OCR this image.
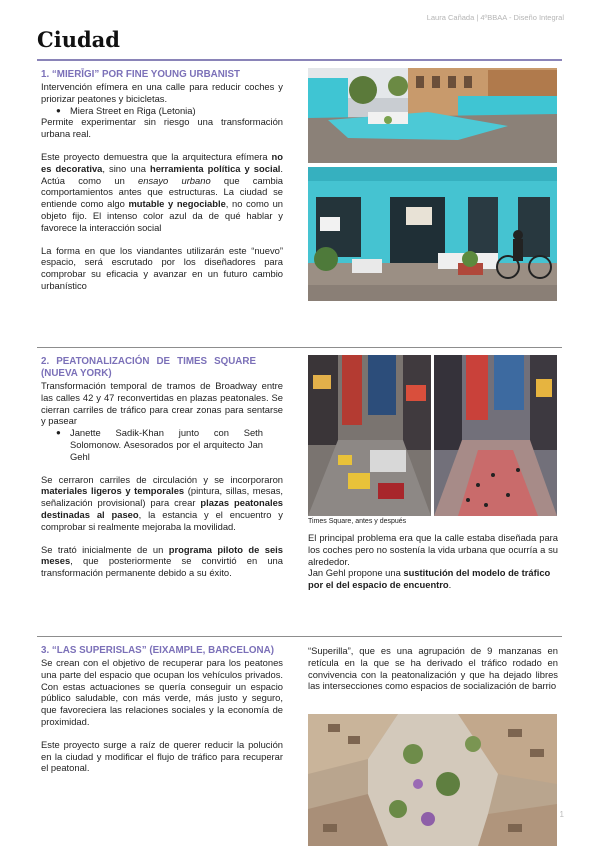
Laura Cañada | 4ºBBAA - Diseño Integral
Ciudad

1. “MIERĪGI” POR FINE YOUNG URBANIST

Intervención efímera en una calle para reducir coches y priorizar peatones y bicicletas.

● Miera Street en Riga (Letonia)

Permite experimentar sin riesgo una transformación urbana real.

Este proyecto demuestra que la arquitectura efímera no es decorativa, sino una herramienta política y social. Actúa como un ensayo urbano que cambia comportamientos antes que estructuras. La ciudad se entiende como algo mutable y negociable, no como un objeto fijo. El intenso color azul da de qué hablar y favorece la interacción social

La forma en que los viandantes utilizarán este “nuevo” espacio, será escrutado por los diseñadores para comprobar su eficacia y avanzar en un futuro cambio urbanístico

2. PEATONALIZACIÓN DE TIMES SQUARE (NUEVA YORK)

Transformación temporal de tramos de Broadway entre las calles 42 y 47 reconvertidas en plazas peatonales. Se cierran carriles de tráfico para crear zonas para sentarse y pasear

● Janette Sadik-Khan junto con Seth Solomonow. Asesorados por el arquitecto Jan Gehl

Se cerraron carriles de circulación y se incorporaron materiales ligeros y temporales (pintura, sillas, mesas, señalización provisional) para crear plazas peatonales destinadas al paseo, la estancia y el encuentro y comprobar si realmente mejoraba la movilidad.

Se trató inicialmente de un programa piloto de seis meses, que posteriormente se convirtió en una transformación permanente debido a su éxito.

Times Square, antes y después

El principal problema era que la calle estaba diseñada para los coches pero no sostenía la vida urbana que ocurría a su alrededor.

Jan Gehl propone una sustitución del modelo de tráfico por el del espacio de encuentro.

3. “LAS SUPERISLAS” (EIXAMPLE, BARCELONA)

Se crean con el objetivo de recuperar para los peatones una parte del espacio que ocupan los vehículos privados. Con estas actuaciones se quería conseguir un espacio público saludable, con más verde, más justo y seguro, que favoreciera las relaciones sociales y la economía de proximidad.

Este proyecto surge a raíz de querer reducir la polución en la ciudad y modificar el flujo de tráfico para recuperar el peatonal.

“Superilla”, que es una agrupación de 9 manzanas en retícula en la que se ha derivado el tráfico rodado en convivencia con la peatonalización y que ha dejado libres las intersecciones como espacios de socialización de barrio

1
